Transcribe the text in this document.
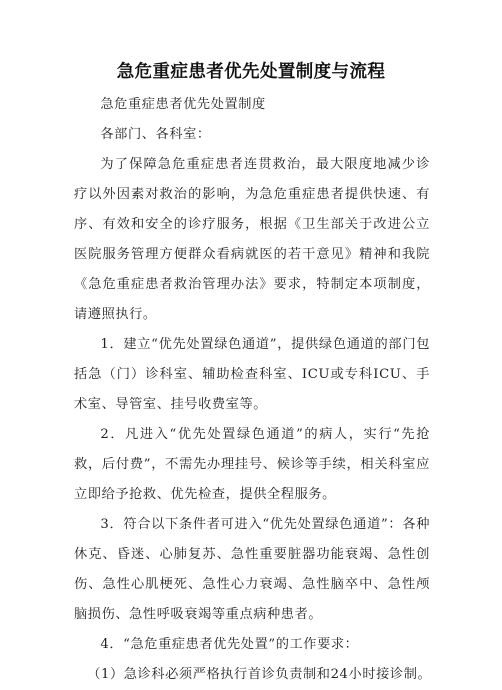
急危重症患者优先处置制度与流程

急危重症患者优先处置制度

各部门、各科室：

为了保障急危重症患者连贯救治，最大限度地减少诊疗以外因素对救治的影响，为急危重症患者提供快速、有序、有效和安全的诊疗服务，根据《卫生部关于改进公立医院服务管理方便群众看病就医的若干意见》精神和我院《急危重症患者救治管理办法》要求，特制定本项制度，请遵照执行。

1．建立“优先处置绿色通道”，提供绿色通道的部门包括急（门）诊科室、辅助检查科室、ICU或专科ICU、手术室、导管室、挂号收费室等。

2．凡进入“优先处置绿色通道”的病人，实行“先抢救，后付费”，不需先办理挂号、候诊等手续，相关科室应立即给予抢救、优先检查，提供全程服务。

3．符合以下条件者可进入“优先处置绿色通道”：各种休克、昏迷、心肺复苏、急性重要脏器功能衰竭、急性创伤、急性心肌梗死、急性心力衰竭、急性脑卒中、急性颅脑损伤、急性呼吸衰竭等重点病种患者。

4．“急危重症患者优先处置”的工作要求：

（1）急诊科必须严格执行首诊负责制和24小时接诊制。
